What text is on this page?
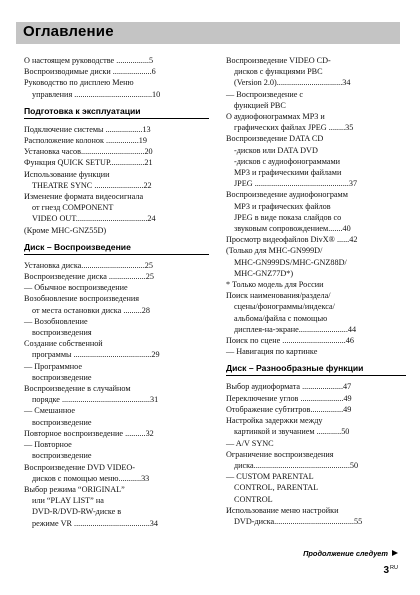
Оглавление
О настоящем руководстве ................5
Воспроизводимые диски ...................6
Руководство по дисплею Меню
управления ......................................10
Подготовка к эксплуатации
Подключение системы ..................13
Расположение колонок ................19
Установка часов...............................20
Функция QUICK SETUP.................21
Использование функции
THEATRE SYNC ........................22
Изменение формата видеосигнала
от гнезд COMPONENT
VIDEO OUT...................................24
(Кроме MHC-GNZ55D)
Диск – Воспроизведение
Установка диска...............................25
Воспроизведение диска ..................25
— Обычное воспроизведение
Возобновление воспроизведения
от места остановки диска .........28
— Возобновление
воспроизведения
Создание собственной
программы ......................................29
— Программное
воспроизведение
Воспроизведение в случайном
порядке ...........................................31
— Смешанное
воспроизведение
Повторное воспроизведение ..........32
— Повторное
воспроизведение
Воспроизведение DVD VIDEO-
дисков с помощью меню...........33
Выбор режима “ORIGINAL”
или “PLAY LIST” на
DVD-R/DVD-RW-диске в
режиме VR .....................................34
Воспроизведение VIDEO CD-
дисков с функциями PBC
(Version 2.0)................................34
— Воспроизведение с
функцией PBC
О аудиофонограммах MP3 и
графических файлах JPEG ........35
Воспроизведение DATA CD
-дисков или DATA DVD
-дисков с аудиофонограммами
MP3 и графическими файлами
JPEG ..............................................37
Воспроизведение аудиофонограмм
MP3 и графических файлов
JPEG в виде показа слайдов со
звуковым сопровождением.......40
Просмотр видеофайлов DivX® ......42
(Только для MHC-GN999D/
MHC-GN999DS/MHC-GNZ88D/
MHC-GNZ77D*)
* Только модель для России
Поиск наименования/раздела/
сцены/фонограммы/индекса/
альбома/файла с помощью
дисплея-на-экране........................44
Поиск по сцене ...............................46
— Навигация по картинке
Диск – Разнообразные функции
Выбор аудиоформата ....................47
Переключение углов .....................49
Отображение субтитров................49
Настройка задержки между
картинкой и звучанием ............50
— A/V SYNC
Ограничение воспроизведения
диска...............................................50
— CUSTOM PARENTAL
CONTROL, PARENTAL
CONTROL
Использование меню настройки
DVD-диска.......................................55
Продолжение следует
$3^{RU}$
